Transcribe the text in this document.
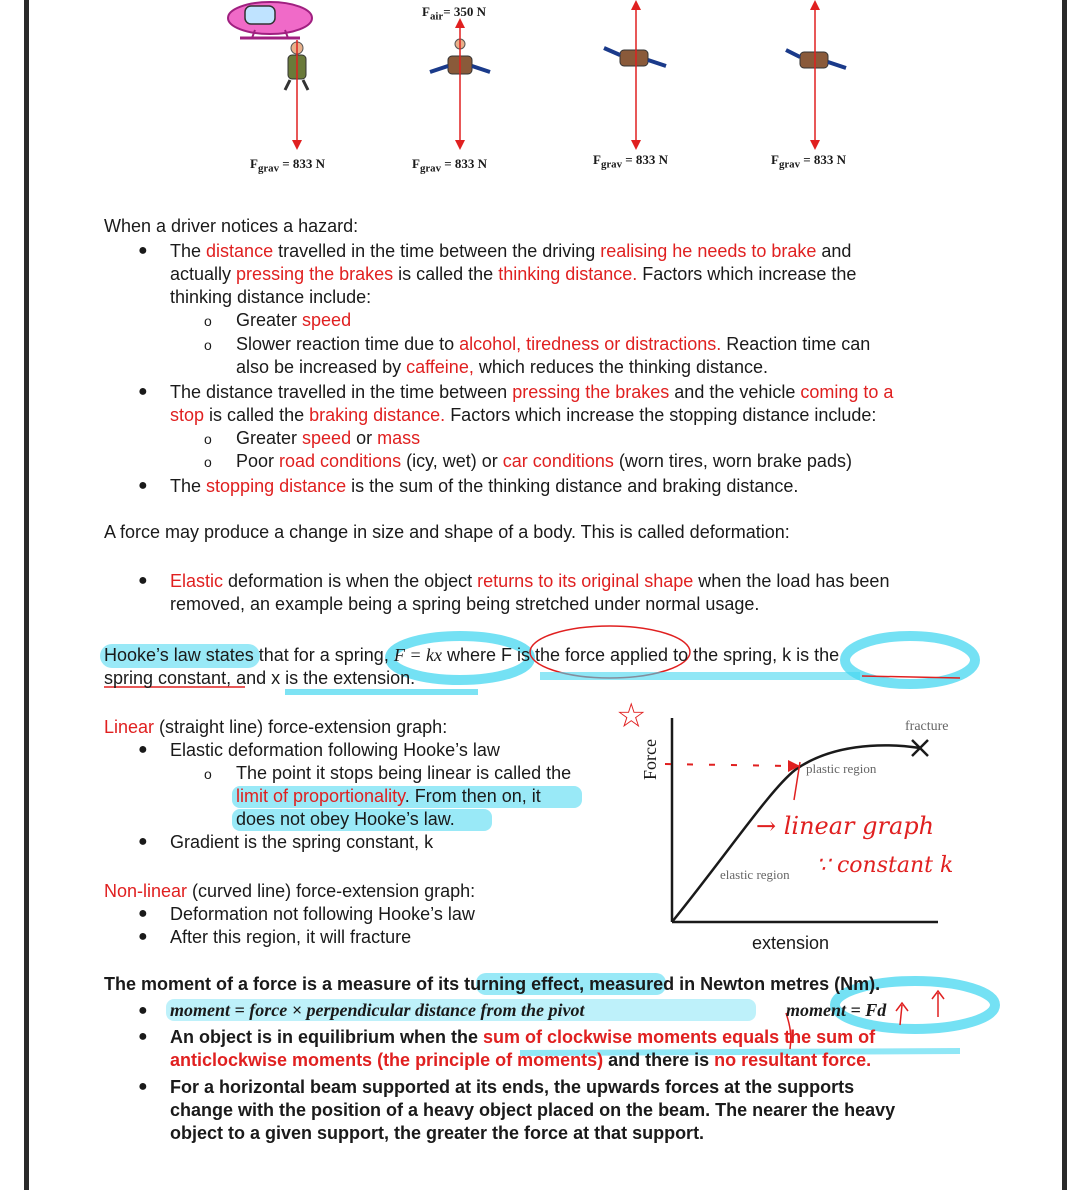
$F_{air}= 350$ N
$F_{grav} = 833$ N	$F_{grav} = 833$ N	$F_{grav} = 833$ N	$F_{grav} = 833$ N
When a driver notices a hazard:
● The distance travelled in the time between the driving realising he needs to brake and
actually pressing the brakes is called the thinking distance. Factors which increase the
thinking distance include:
o Greater speed
o Slower reaction time due to alcohol, tiredness or distractions. Reaction time can
also be increased by caffeine, which reduces the thinking distance.
● The distance travelled in the time between pressing the brakes and the vehicle coming to a
stop is called the braking distance. Factors which increase the stopping distance include:
o Greater speed or mass
o Poor road conditions (icy, wet) or car conditions (worn tires, worn brake pads)
● The stopping distance is the sum of the thinking distance and braking distance.
A force may produce a change in size and shape of a body. This is called deformation:
● Elastic deformation is when the object returns to its original shape when the load has been
removed, an example being a spring being stretched under normal usage.
Hooke’s law states that for a spring, F = kx where F is the force applied to the spring, k is the
spring constant, and x is the extension.
Linear (straight line) force-extension graph:
● Elastic deformation following Hooke’s law
o The point it stops being linear is called the
limit of proportionality. From then on, it
does not obey Hooke’s law.
● Gradient is the spring constant, k
Non-linear (curved line) force-extension graph:
● Deformation not following Hooke’s law
● After this region, it will fracture
☆
Force
extension
fracture
plastic region
elastic region
→ linear graph
∵ constant k
The moment of a force is a measure of its turning effect, measured in Newton metres (Nm).
● moment = force × perpendicular distance from the pivot	moment = Fd
● An object is in equilibrium when the sum of clockwise moments equals the sum of
anticlockwise moments (the principle of moments) and there is no resultant force.
● For a horizontal beam supported at its ends, the upwards forces at the supports
change with the position of a heavy object placed on the beam. The nearer the heavy
object to a given support, the greater the force at that support.
